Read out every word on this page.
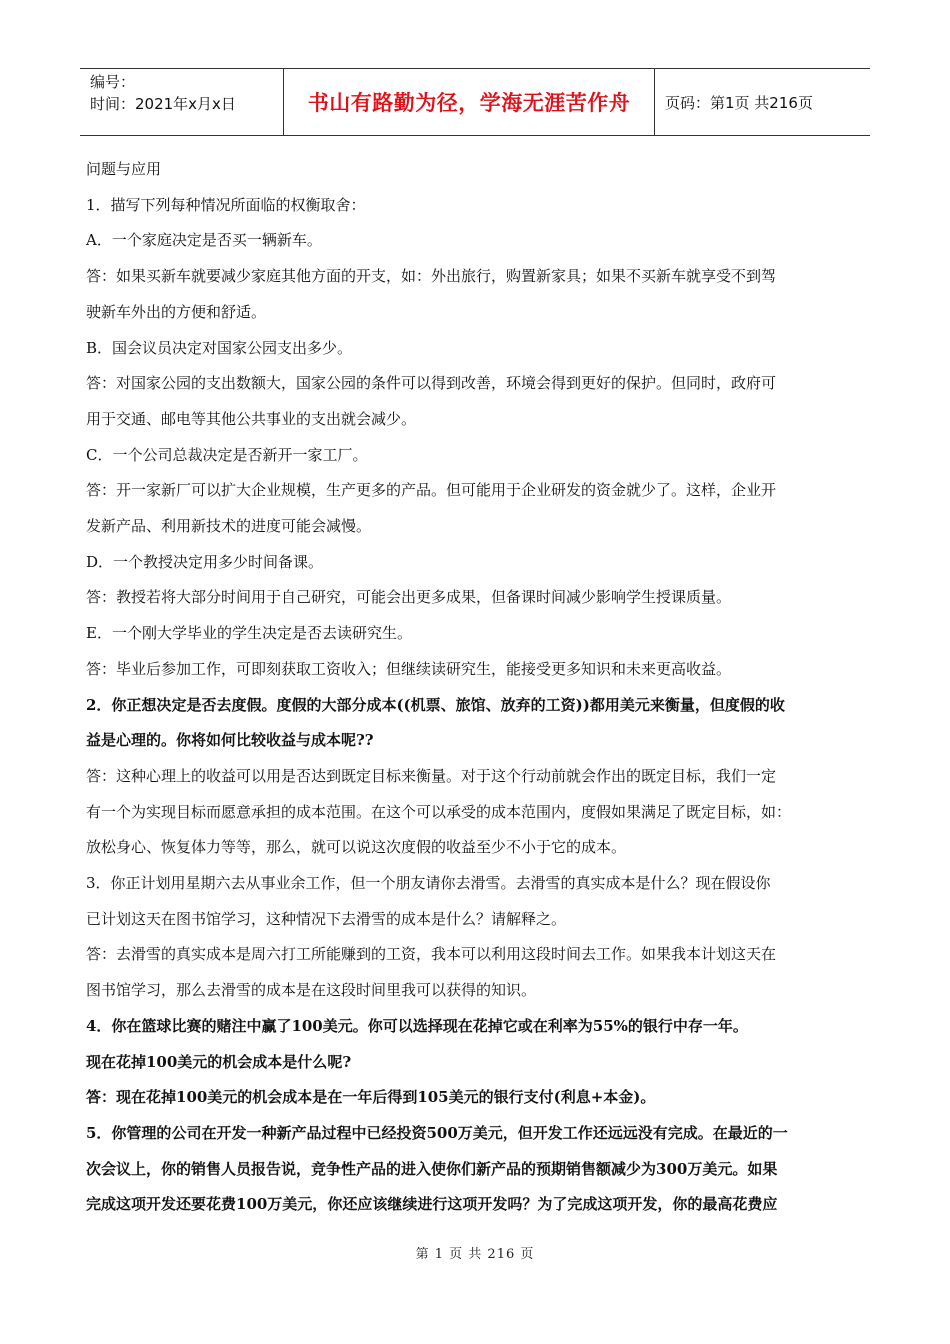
编号：
时间：2021年x月x日	书山有路勤为径，学海无涯苦作舟 页码：第1页 共216页

问题与应用

1．描写下列每种情况所面临的权衡取舍：

A．一个家庭决定是否买一辆新车。

答：如果买新车就要减少家庭其他方面的开支，如：外出旅行，购置新家具；如果不买新车就享受不到驾

驶新车外出的方便和舒适。

B．国会议员决定对国家公园支出多少。

答：对国家公园的支出数额大，国家公园的条件可以得到改善，环境会得到更好的保护。但同时，政府可

用于交通、邮电等其他公共事业的支出就会减少。

C．一个公司总裁决定是否新开一家工厂。

答：开一家新厂可以扩大企业规模，生产更多的产品。但可能用于企业研发的资金就少了。这样，企业开

发新产品、利用新技术的进度可能会减慢。

D．一个教授决定用多少时间备课。

答：教授若将大部分时间用于自己研究，可能会出更多成果，但备课时间减少影响学生授课质量。

E．一个刚大学毕业的学生决定是否去读研究生。

答：毕业后参加工作，可即刻获取工资收入；但继续读研究生，能接受更多知识和未来更高收益。

2．你正想决定是否去度假。度假的大部分成本((机票、旅馆、放弃的工资))都用美元来衡量，但度假的收

益是心理的。你将如何比较收益与成本呢??

答：这种心理上的收益可以用是否达到既定目标来衡量。对于这个行动前就会作出的既定目标，我们一定

有一个为实现目标而愿意承担的成本范围。在这个可以承受的成本范围内，度假如果满足了既定目标，如：

放松身心、恢复体力等等，那么，就可以说这次度假的收益至少不小于它的成本。

3．你正计划用星期六去从事业余工作，但一个朋友请你去滑雪。去滑雪的真实成本是什么？现在假设你

已计划这天在图书馆学习，这种情况下去滑雪的成本是什么？请解释之。

答：去滑雪的真实成本是周六打工所能赚到的工资，我本可以利用这段时间去工作。如果我本计划这天在

图书馆学习，那么去滑雪的成本是在这段时间里我可以获得的知识。

4．你在篮球比赛的赌注中赢了100美元。你可以选择现在花掉它或在利率为55%的银行中存一年。

现在花掉100美元的机会成本是什么呢?

答：现在花掉100美元的机会成本是在一年后得到105美元的银行支付(利息+本金)。

5．你管理的公司在开发一种新产品过程中已经投资500万美元，但开发工作还远远没有完成。在最近的一

次会议上，你的销售人员报告说，竞争性产品的进入使你们新产品的预期销售额减少为300万美元。如果

完成这项开发还要花费100万美元，你还应该继续进行这项开发吗？为了完成这项开发，你的最高花费应

第 1 页 共 216 页
